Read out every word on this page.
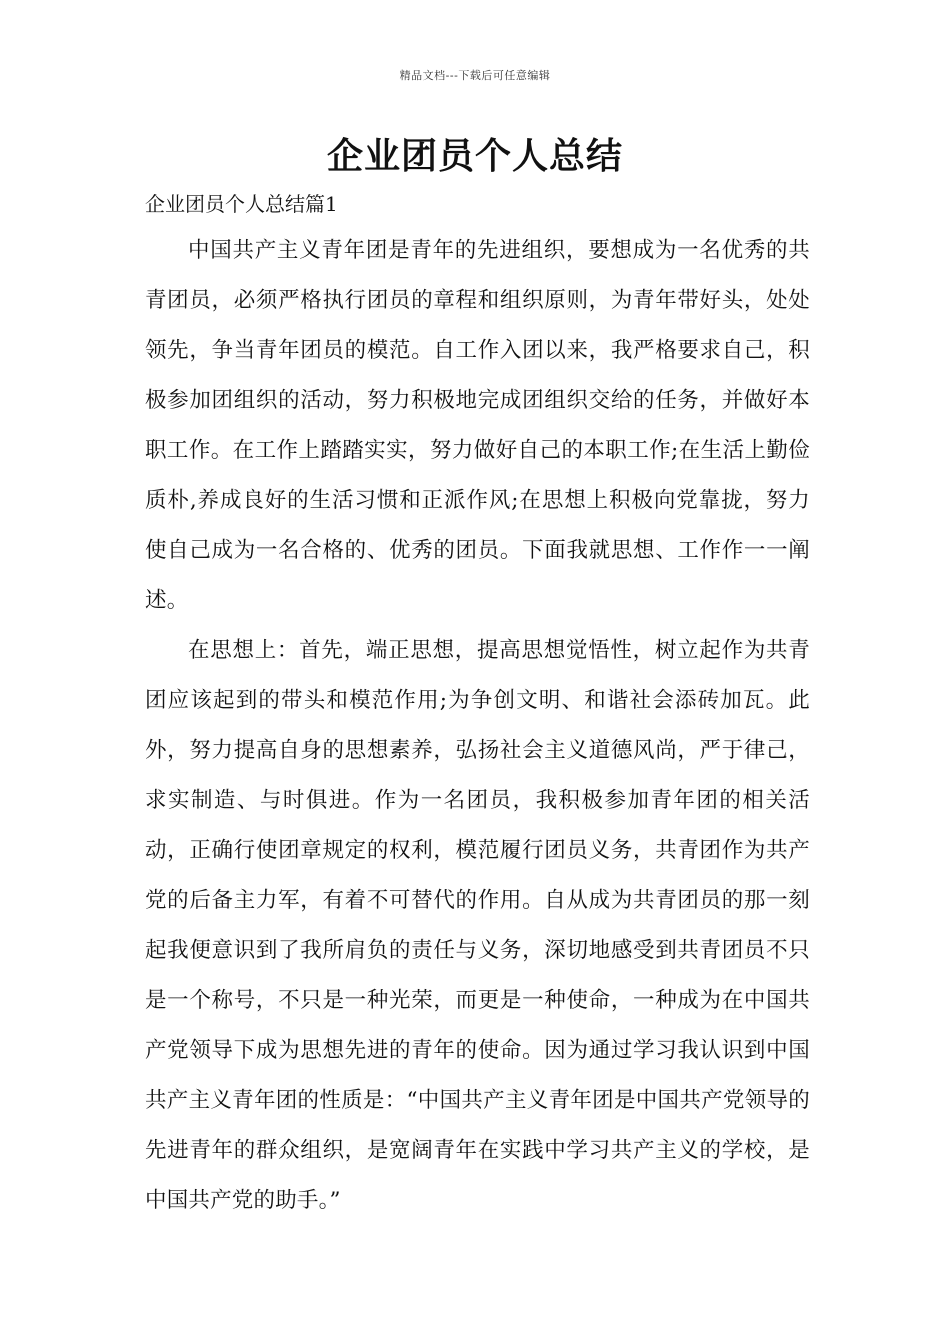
精品文档---下载后可任意编辑
企业团员个人总结
企业团员个人总结篇1

中国共产主义青年团是青年的先进组织，要想成为一名优秀的共青团员，必须严格执行团员的章程和组织原则，为青年带好头，处处领先，争当青年团员的模范。自工作入团以来，我严格要求自己，积极参加团组织的活动，努力积极地完成团组织交给的任务，并做好本职工作。在工作上踏踏实实，努力做好自己的本职工作;在生活上勤俭质朴,养成良好的生活习惯和正派作风;在思想上积极向党靠拢，努力使自己成为一名合格的、优秀的团员。下面我就思想、工作作一一阐述。

在思想上：首先，端正思想，提高思想觉悟性，树立起作为共青团应该起到的带头和模范作用;为争创文明、和谐社会添砖加瓦。此外，努力提高自身的思想素养，弘扬社会主义道德风尚，严于律己，求实制造、与时俱进。作为一名团员，我积极参加青年团的相关活动，正确行使团章规定的权利，模范履行团员义务，共青团作为共产党的后备主力军，有着不可替代的作用。自从成为共青团员的那一刻起我便意识到了我所肩负的责任与义务，深切地感受到共青团员不只是一个称号，不只是一种光荣，而更是一种使命，一种成为在中国共产党领导下成为思想先进的青年的使命。因为通过学习我认识到中国共产主义青年团的性质是：“中国共产主义青年团是中国共产党领导的先进青年的群众组织，是宽阔青年在实践中学习共产主义的学校，是中国共产党的助手。”
